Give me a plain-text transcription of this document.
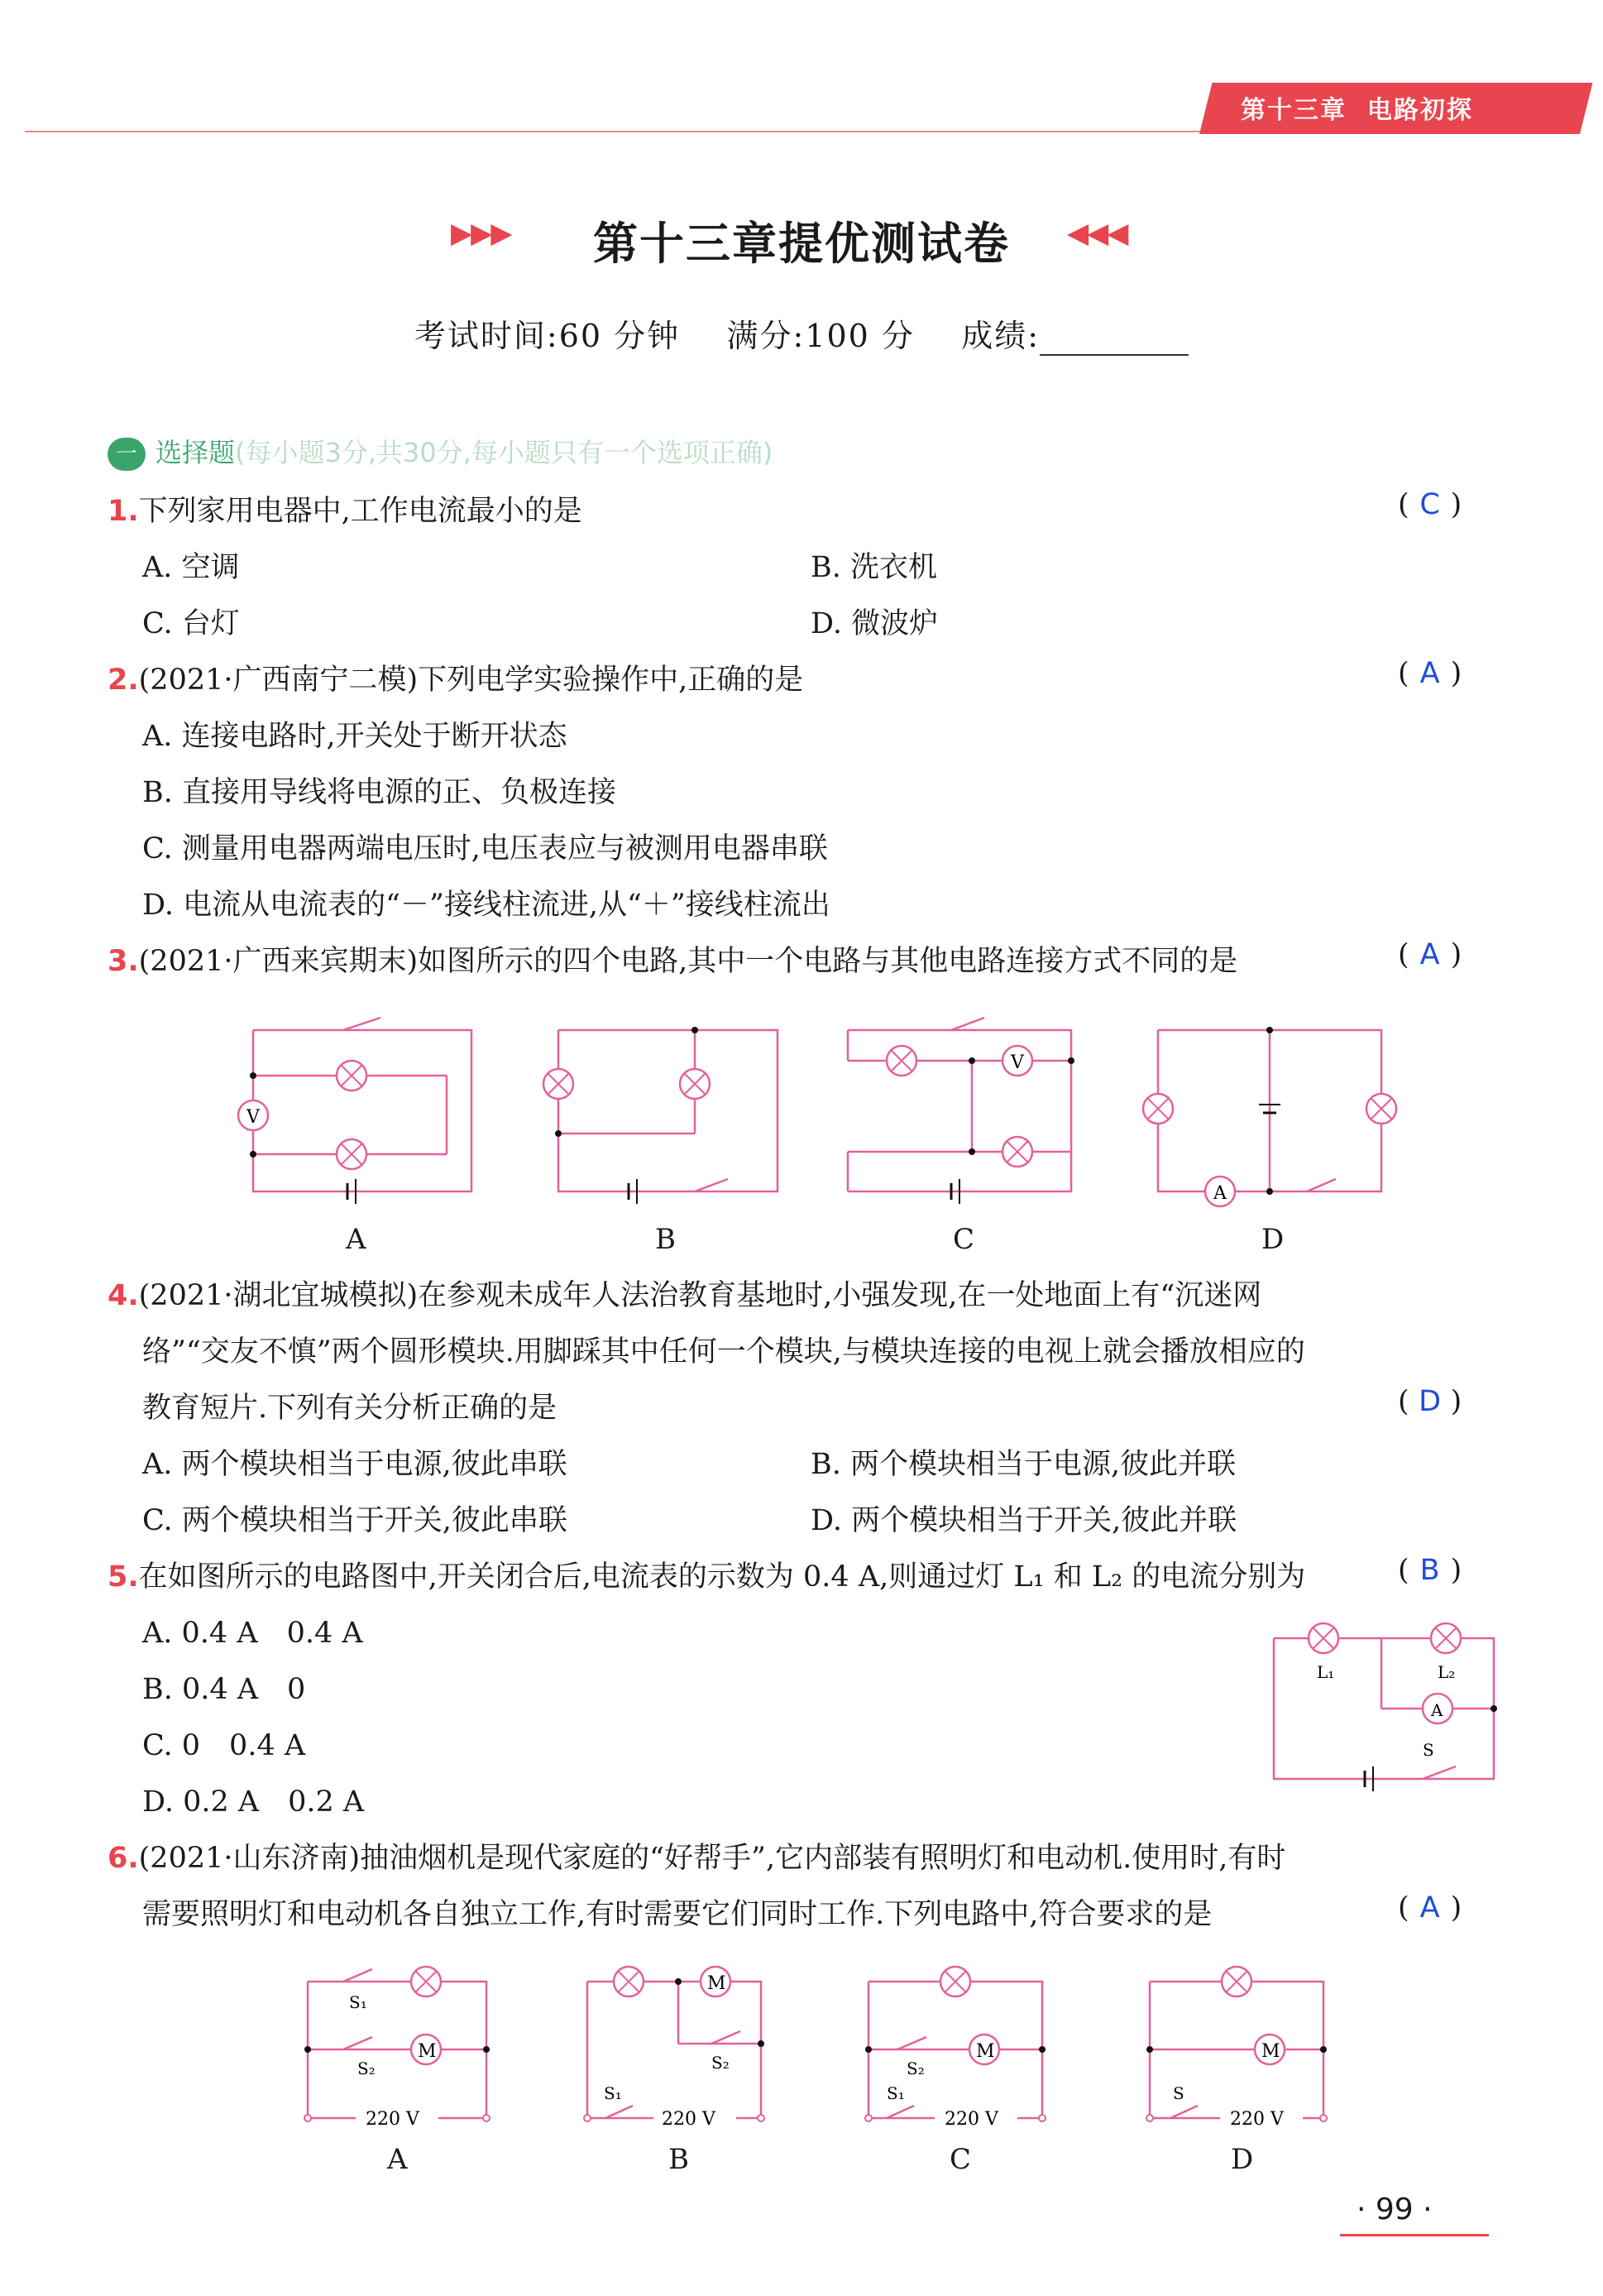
第十三章 电路初探
▶▶▶	第十三章提优测试卷	◀◀◀
考试时间:60 分钟 满分:100 分 成绩:
一 选择题(每小题3分,共30分,每小题只有一个选项正确)
1.下列家用电器中,工作电流最小的是	( C )
A. 空调	B. 洗衣机
C. 台灯	D. 微波炉
2.(2021·广西南宁二模)下列电学实验操作中,正确的是	( A )
A. 连接电路时,开关处于断开状态
B. 直接用导线将电源的正、负极连接
C. 测量用电器两端电压时,电压表应与被测用电器串联
D. 电流从电流表的“－”接线柱流进,从“＋”接线柱流出
3.(2021·广西来宾期末)如图所示的四个电路,其中一个电路与其他电路连接方式不同的是	( A )
V
V
A
A	B	C	D
4.(2021·湖北宜城模拟)在参观未成年人法治教育基地时,小强发现,在一处地面上有“沉迷网
络”“交友不慎”两个圆形模块.用脚踩其中任何一个模块,与模块连接的电视上就会播放相应的
教育短片.下列有关分析正确的是	( D )
A. 两个模块相当于电源,彼此串联	B. 两个模块相当于电源,彼此并联
C. 两个模块相当于开关,彼此串联	D. 两个模块相当于开关,彼此并联
5.在如图所示的电路图中,开关闭合后,电流表的示数为 0.4 A,则通过灯 L₁ 和 L₂ 的电流分别为	( B )
A. 0.4 A　0.4 A
B. 0.4 A　0
C. 0　0.4 A
D. 0.2 A　0.2 A
A
L₁	L₂
S
6.(2021·山东济南)抽油烟机是现代家庭的“好帮手”,它内部装有照明灯和电动机.使用时,有时
需要照明灯和电动机各自独立工作,有时需要它们同时工作.下列电路中,符合要求的是	( A )
M
S₁
S₂
220 V
M
S₂
S₁
220 V
S₂
M
S₁
220 V
M
S
220 V
A	B	C	D
· 99 ·
